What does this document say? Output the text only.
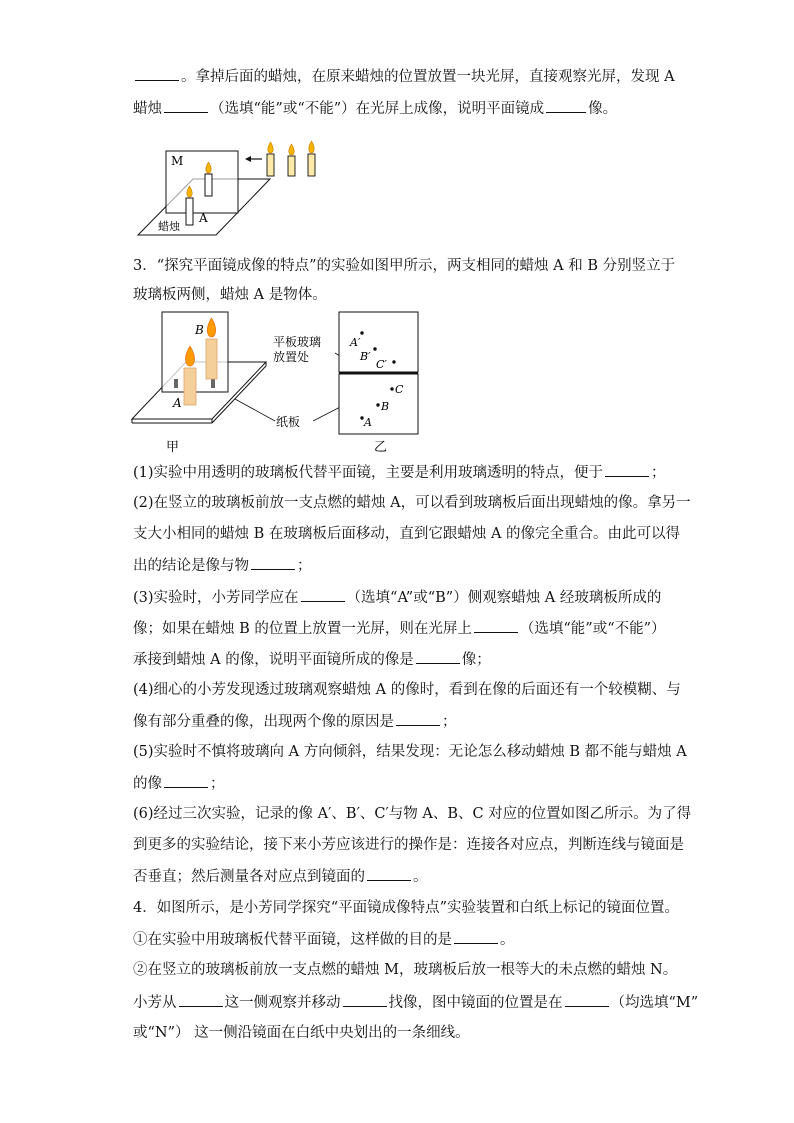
。拿掉后面的蜡烛，在原来蜡烛的位置放置一块光屏，直接观察光屏，发现 A
蜡烛	（选填“能”或“不能”）在光屏上成像，说明平面镜成	像。
M
A
蜡烛
3．“探究平面镜成像的特点”的实验如图甲所示，两支相同的蜡烛 A 和 B 分别竖立于
玻璃板两侧，蜡烛 A 是物体。
B
A
平板玻璃
放置处
纸板
A′
B′
C′
C
B
A
甲	乙
(1)实验中用透明的玻璃板代替平面镜，主要是利用玻璃透明的特点，便于	；
(2)在竖立的玻璃板前放一支点燃的蜡烛 A，可以看到玻璃板后面出现蜡烛的像。拿另一
支大小相同的蜡烛 B 在玻璃板后面移动，直到它跟蜡烛 A 的像完全重合。由此可以得
出的结论是像与物	；
(3)实验时，小芳同学应在	（选填“A”或“B”）侧观察蜡烛 A 经玻璃板所成的
像；如果在蜡烛 B 的位置上放置一光屏，则在光屏上	（选填“能”或“不能”）
承接到蜡烛 A 的像，说明平面镜所成的像是	像；
(4)细心的小芳发现透过玻璃观察蜡烛 A 的像时，看到在像的后面还有一个较模糊、与
像有部分重叠的像，出现两个像的原因是	；
(5)实验时不慎将玻璃向 A 方向倾斜，结果发现：无论怎么移动蜡烛 B 都不能与蜡烛 A
的像	；
(6)经过三次实验，记录的像 A′、B′、C′与物 A、B、C 对应的位置如图乙所示。为了得
到更多的实验结论，接下来小芳应该进行的操作是：连接各对应点，判断连线与镜面是
否垂直；然后测量各对应点到镜面的	。
4．如图所示，是小芳同学探究“平面镜成像特点”实验装置和白纸上标记的镜面位置。
①在实验中用玻璃板代替平面镜，这样做的目的是	。
②在竖立的玻璃板前放一支点燃的蜡烛 M，玻璃板后放一根等大的未点燃的蜡烛 N。
小芳从	这一侧观察并移动	找像，图中镜面的位置是在	（均选填“M”
或“N”） 这一侧沿镜面在白纸中央划出的一条细线。
